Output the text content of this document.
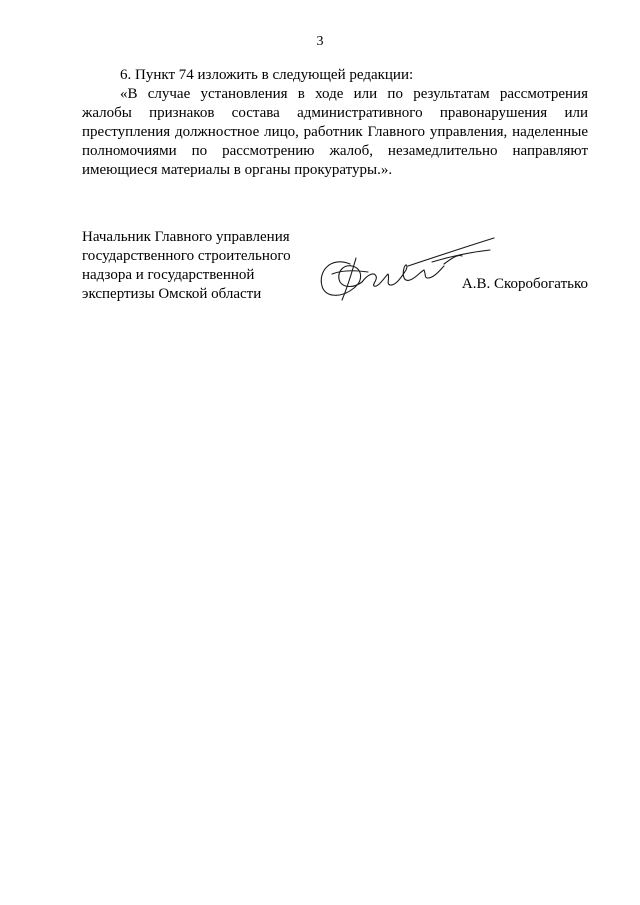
3

6. Пункт 74 изложить в следующей редакции:

«В случае установления в ходе или по результатам рассмотрения жалобы признаков состава административного правонарушения или преступления должностное лицо, работник Главного управления, наделенные полномочиями по рассмотрению жалоб, незамедлительно направляют имеющиеся материалы в органы прокуратуры.».

Начальник Главного управления
государственного строительного
надзора и государственной
экспертизы Омской области
А.В. Скоробогатько
